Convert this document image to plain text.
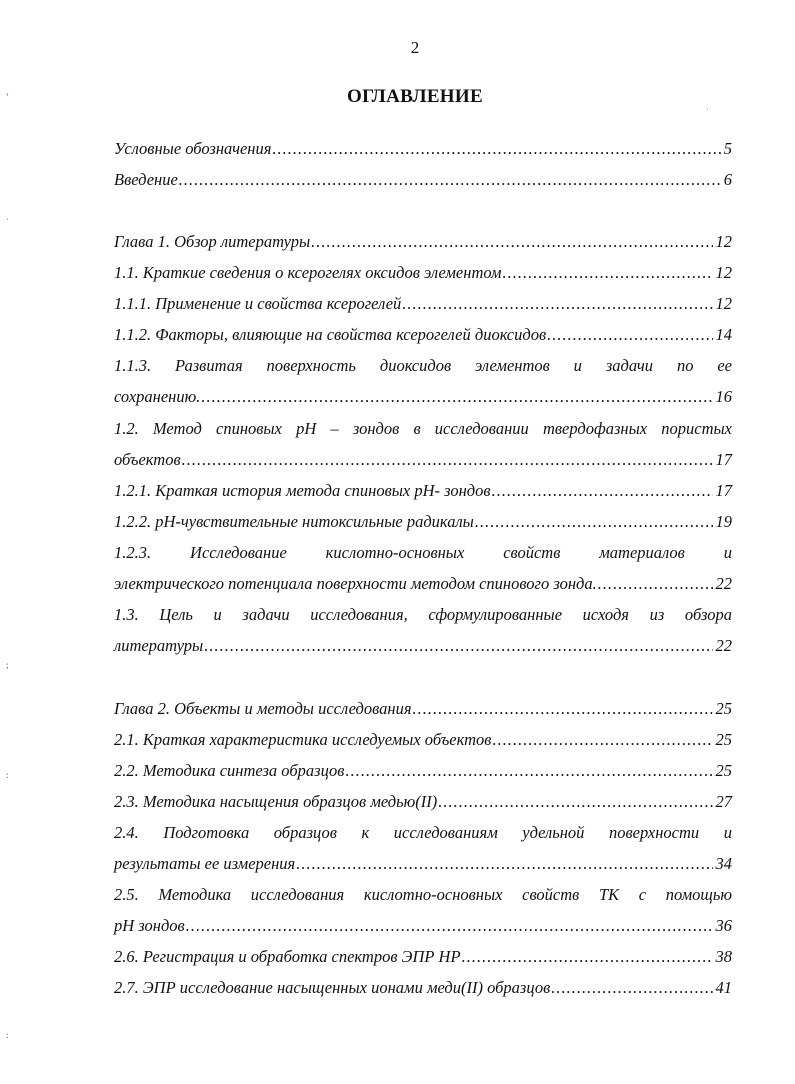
2
ОГЛАВЛЕНИЕ
Условные обозначения .....	5
Введение .....	6
Глава 1. Обзор литературы .....	12
1.1. Краткие сведения о ксерогелях оксидов элементом .....	12
1.1.1. Применение и свойства ксерогелей .....	12
1.1.2. Факторы, влияющие на свойства ксерогелей диоксидов .....	14
1.1.3. Развитая поверхность диоксидов элементов и задачи по ее
сохранению. .....	16
1.2. Метод спиновых рН – зондов в исследовании твердофазных пористых
объектов .....	17
1.2.1. Краткая история метода спиновых рН- зондов .....	17
1.2.2. рН-чувствительные нитоксильные радикалы .....	19
1.2.3. Исследование кислотно-основных свойств материалов и
электрического потенциала поверхности методом спинового зонда. .....	22
1.3. Цель и задачи исследования, сформулированные исходя из обзора
литературы .....	22
Глава 2. Объекты и методы исследования .....	25
2.1. Краткая характеристика исследуемых объектов .....	25
2.2. Методика синтеза образцов .....	25
2.3. Методика насыщения образцов медью(II) .....	27
2.4. Подготовка образцов к исследованиям удельной поверхности и
результаты ее измерения .....	34
2.5. Методика исследования кислотно-основных свойств ТК с помощью
рН зондов .....	36
2.6. Регистрация и обработка спектров ЭПР НР .....	38
2.7. ЭПР исследование насыщенных ионами меди(II) образцов .....	41
ʼ
ˌ
;
:
:
ˌ
